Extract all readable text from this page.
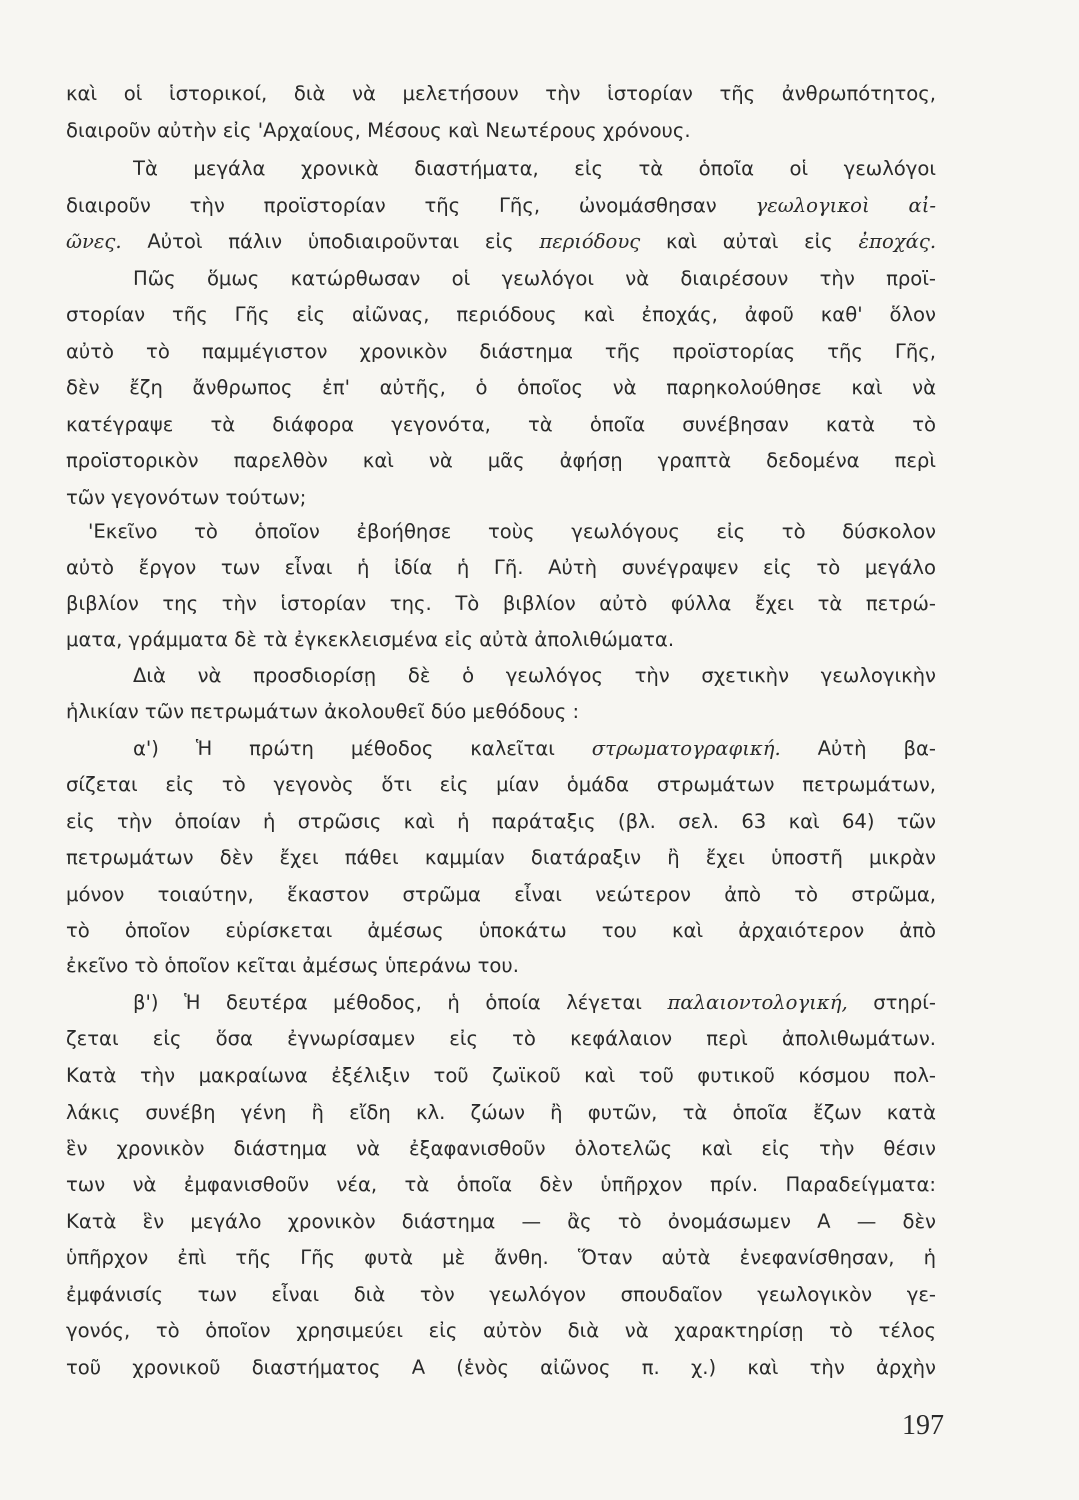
καὶ οἱ ἱστορικοί, διὰ νὰ μελετήσουν τὴν ἱστορίαν τῆς ἀνθρωπότητος,
διαιροῦν αὐτὴν εἰς 'Αρχαίους, Μέσους καὶ Νεωτέρους χρόνους.
Τὰ μεγάλα χρονικὰ διαστήματα, εἰς τὰ ὁποῖα οἱ γεωλόγοι
διαιροῦν τὴν προϊστορίαν τῆς Γῆς, ὠνομάσθησαν γεωλογικοὶ αἰ-
ῶνες. Αὐτοὶ πάλιν ὑποδιαιροῦνται εἰς περιόδους καὶ αὐταὶ εἰς ἐποχάς.
Πῶς ὅμως κατώρθωσαν οἱ γεωλόγοι νὰ διαιρέσουν τὴν προϊ-
στορίαν τῆς Γῆς εἰς αἰῶνας, περιόδους καὶ ἐποχάς, ἀφοῦ καθ' ὅλον
αὐτὸ τὸ παμμέγιστον χρονικὸν διάστημα τῆς προϊστορίας τῆς Γῆς,
δὲν ἔζη ἄνθρωπος ἐπ' αὐτῆς, ὁ ὁποῖος νὰ παρηκολούθησε καὶ νὰ
κατέγραψε τὰ διάφορα γεγονότα, τὰ ὁποῖα συνέβησαν κατὰ τὸ
προϊστορικὸν παρελθὸν καὶ νὰ μᾶς ἀφήσῃ γραπτὰ δεδομένα περὶ
τῶν γεγονότων τούτων;
'Εκεῖνο τὸ ὁποῖον ἐβοήθησε τοὺς γεωλόγους εἰς τὸ δύσκολον
αὐτὸ ἔργον των εἶναι ἡ ἰδία ἡ Γῆ. Αὐτὴ συνέγραψεν εἰς τὸ μεγάλο
βιβλίον της τὴν ἱστορίαν της. Τὸ βιβλίον αὐτὸ φύλλα ἔχει τὰ πετρώ-
ματα, γράμματα δὲ τὰ ἐγκεκλεισμένα εἰς αὐτὰ ἀπολιθώματα.
Διὰ νὰ προσδιορίσῃ δὲ ὁ γεωλόγος τὴν σχετικὴν γεωλογικὴν
ἡλικίαν τῶν πετρωμάτων ἀκολουθεῖ δύο μεθόδους :
α') Ἡ πρώτη μέθοδος καλεῖται στρωματογραφική. Αὐτὴ βα-
σίζεται εἰς τὸ γεγονὸς ὅτι εἰς μίαν ὁμάδα στρωμάτων πετρωμάτων,
εἰς τὴν ὁποίαν ἡ στρῶσις καὶ ἡ παράταξις (βλ. σελ. 63 καὶ 64) τῶν
πετρωμάτων δὲν ἔχει πάθει καμμίαν διατάραξιν ἢ ἔχει ὑποστῆ μικρὰν
μόνον τοιαύτην, ἕκαστον στρῶμα εἶναι νεώτερον ἀπὸ τὸ στρῶμα,
τὸ ὁποῖον εὑρίσκεται ἀμέσως ὑποκάτω του καὶ ἀρχαιότερον ἀπὸ
ἐκεῖνο τὸ ὁποῖον κεῖται ἀμέσως ὑπεράνω του.
β') Ἡ δευτέρα μέθοδος, ἡ ὁποία λέγεται παλαιοντολογική, στηρί-
ζεται εἰς ὅσα ἐγνωρίσαμεν εἰς τὸ κεφάλαιον περὶ ἀπολιθωμάτων.
Κατὰ τὴν μακραίωνα ἐξέλιξιν τοῦ ζωϊκοῦ καὶ τοῦ φυτικοῦ κόσμου πολ-
λάκις συνέβη γένη ἢ εἴδη κλ. ζώων ἢ φυτῶν, τὰ ὁποῖα ἔζων κατὰ
ἓν χρονικὸν διάστημα νὰ ἐξαφανισθοῦν ὁλοτελῶς καὶ εἰς τὴν θέσιν
των νὰ ἐμφανισθοῦν νέα, τὰ ὁποῖα δὲν ὑπῆρχον πρίν. Παραδείγματα:
Κατὰ ἓν μεγάλο χρονικὸν διάστημα — ἂς τὸ ὀνομάσωμεν Α — δὲν
ὑπῆρχον ἐπὶ τῆς Γῆς φυτὰ μὲ ἄνθη. Ὅταν αὐτὰ ἐνεφανίσθησαν, ἡ
ἐμφάνισίς των εἶναι διὰ τὸν γεωλόγον σπουδαῖον γεωλογικὸν γε-
γονός, τὸ ὁποῖον χρησιμεύει εἰς αὐτὸν διὰ νὰ χαρακτηρίσῃ τὸ τέλος
τοῦ χρονικοῦ διαστήματος Α (ἑνὸς αἰῶνος π. χ.) καὶ τὴν ἀρχὴν
197
